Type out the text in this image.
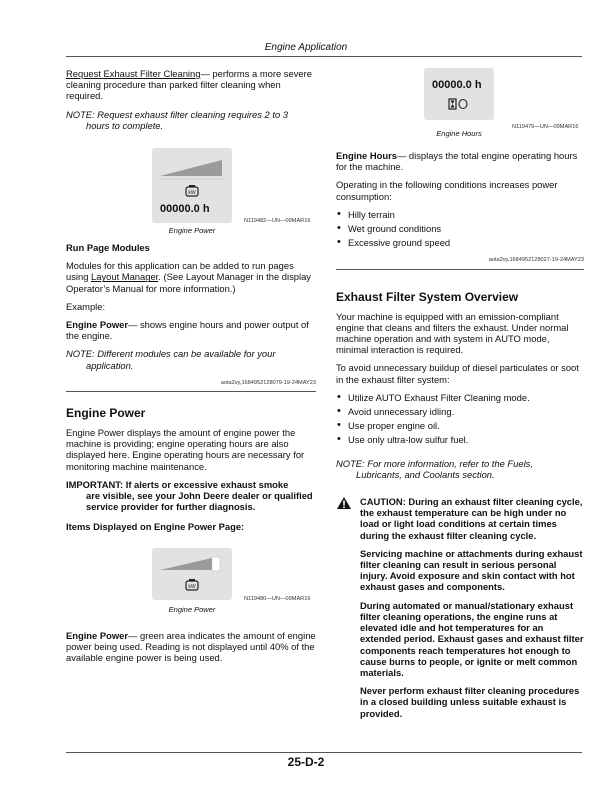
Engine Application

Request Exhaust Filter Cleaning— performs a more severe cleaning procedure than parked filter cleaning when required.

NOTE: Request exhaust filter cleaning requires 2 to 3
hours to complete.
kW
00000.0 h
N119482—UN—09MAR16
Engine Power

Run Page Modules

Modules for this application can be added to run pages using Layout Manager. (See Layout Manager in the display Operator’s Manual for more information.)

Example:

Engine Power— shows engine hours and power output of the engine.

NOTE: Different modules can be available for your
application.
aota2vy,1684952128079-19-24MAY23

Engine Power

Engine Power displays the amount of engine power the machine is providing; engine operating hours are also displayed here. Engine operating hours are necessary for monitoring machine maintenance.

IMPORTANT: If alerts or excessive exhaust smoke
are visible, see your John Deere dealer or qualified service provider for further diagnosis.

Items Displayed on Engine Power Page:

kW
N119480—UN—09MAR16
Engine Power

Engine Power— green area indicates the amount of engine power being used. Reading is not displayed until 40% of the available engine power is being used.

00000.0 h
N119479—UN—09MAR16
Engine Hours

Engine Hours— displays the total engine operating hours for the machine.

Operating in the following conditions increases power consumption:

• Hilly terrain
• Wet ground conditions
• Excessive ground speed
aota2vy,1684952128027-19-24MAY23

Exhaust Filter System Overview

Your machine is equipped with an emission-compliant engine that cleans and filters the exhaust. Under normal machine operation and with system in AUTO mode, minimal interaction is required.

To avoid unnecessary buildup of diesel particulates or soot in the exhaust filter system:

• Utilize AUTO Exhaust Filter Cleaning mode.
• Avoid unnecessary idling.
• Use proper engine oil.
• Use only ultra-low sulfur fuel.
NOTE: For more information, refer to the Fuels,
Lubricants, and Coolants section.

CAUTION: During an exhaust filter cleaning cycle, the exhaust temperature can be high under no load or light load conditions at certain times during the exhaust filter cleaning cycle.

Servicing machine or attachments during exhaust filter cleaning can result in serious personal injury. Avoid exposure and skin contact with hot exhaust gases and components.

During automated or manual/stationary exhaust filter cleaning operations, the engine runs at elevated idle and hot temperatures for an extended period. Exhaust gases and exhaust filter components reach temperatures hot enough to cause burns to people, or ignite or melt common materials.

Never perform exhaust filter cleaning procedures in a closed building unless suitable exhaust is provided.

25-D-2
